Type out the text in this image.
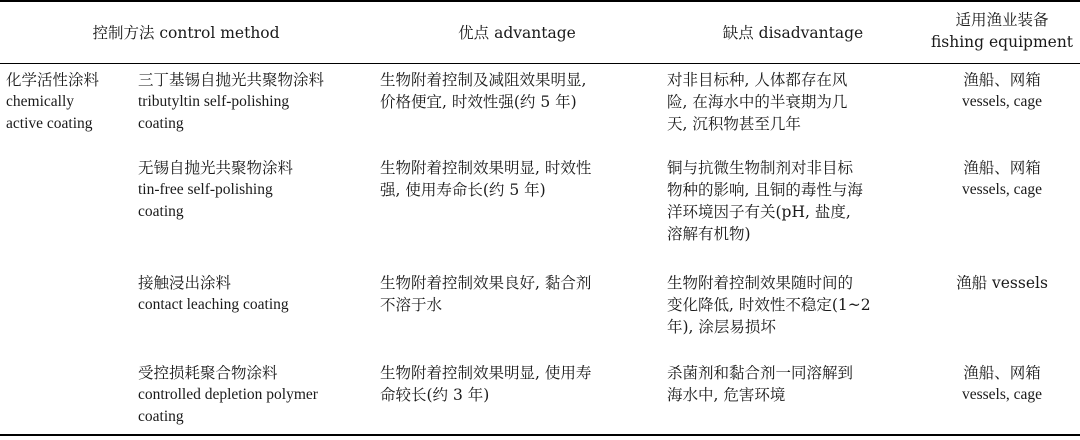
控制方法 control method	优点 advantage	缺点 disadvantage
适用渔业装备
fishing equipment
化学活性涂料
chemically
active coating
三丁基锡自抛光共聚物涂料
tributyltin self-polishing
coating
生物附着控制及减阻效果明显,
价格便宜, 时效性强(约 5 年)
对非目标种, 人体都存在风
险, 在海水中的半衰期为几
天, 沉积物甚至几年
渔船、网箱
vessels, cage
无锡自抛光共聚物涂料
tin-free self-polishing
coating
生物附着控制效果明显, 时效性
强, 使用寿命长(约 5 年)
铜与抗微生物制剂对非目标
物种的影响, 且铜的毒性与海
洋环境因子有关(pH, 盐度,
溶解有机物)
渔船、网箱
vessels, cage
接触浸出涂料
contact leaching coating
生物附着控制效果良好, 黏合剂
不溶于水
生物附着控制效果随时间的
变化降低, 时效性不稳定(1~2
年), 涂层易损坏
渔船 vessels
受控损耗聚合物涂料
controlled depletion polymer
coating
生物附着控制效果明显, 使用寿
命较长(约 3 年)
杀菌剂和黏合剂一同溶解到
海水中, 危害环境
渔船、网箱
vessels, cage
